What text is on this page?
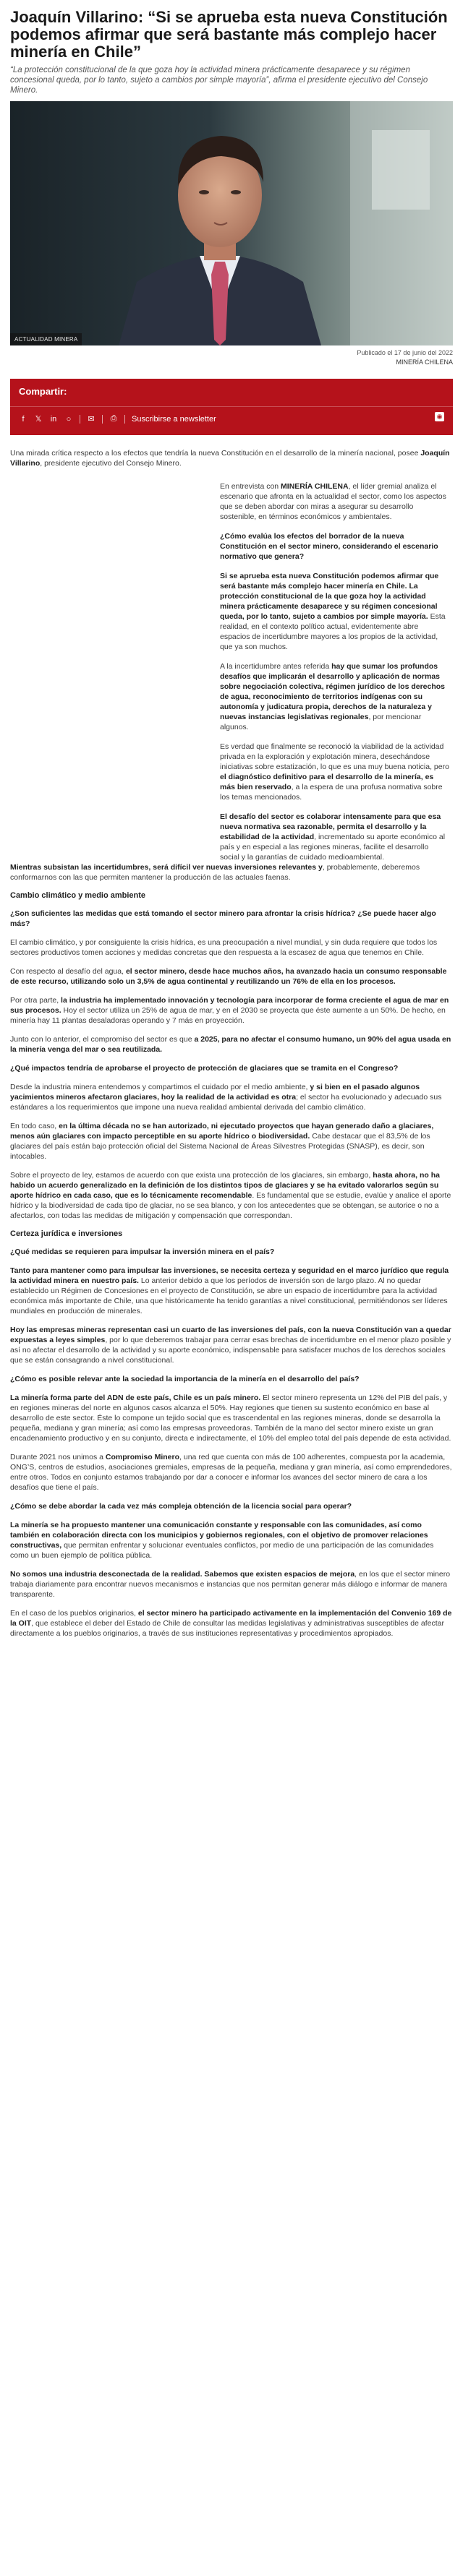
Joaquín Villarino: “Si se aprueba esta nueva Constitución podemos afirmar que será bastante más complejo hacer minería en Chile”
“La protección constitucional de la que goza hoy la actividad minera prácticamente desaparece y su régimen concesional queda, por lo tanto, sujeto a cambios por simple mayoría”, afirma el presidente ejecutivo del Consejo Minero.
ACTUALIDAD MINERA
Publicado el 17 de junio del 2022
MINERÍA CHILENA
Compartir:
f	𝕏 in ○ ✉ ⎙ Suscribirse a newsletter	◉

Una mirada crítica respecto a los efectos que tendría la nueva Constitución en el desarrollo de la minería nacional, posee Joaquín Villarino, presidente ejecutivo del Consejo Minero.

En entrevista con MINERÍA CHILENA, el líder gremial analiza el escenario que afronta en la actualidad el sector, como los aspectos que se deben abordar con miras a asegurar su desarrollo sostenible, en términos económicos y ambientales.

¿Cómo evalúa los efectos del borrador de la nueva Constitución en el sector minero, considerando el escenario normativo que genera?

Si se aprueba esta nueva Constitución podemos afirmar que será bastante más complejo hacer minería en Chile. La protección constitucional de la que goza hoy la actividad minera prácticamente desaparece y su régimen concesional queda, por lo tanto, sujeto a cambios por simple mayoría. Esta realidad, en el contexto político actual, evidentemente abre espacios de incertidumbre mayores a los propios de la actividad, que ya son muchos.

A la incertidumbre antes referida hay que sumar los profundos desafíos que implicarán el desarrollo y aplicación de normas sobre negociación colectiva, régimen jurídico de los derechos de agua, reconocimiento de territorios indígenas con su autonomía y judicatura propia, derechos de la naturaleza y nuevas instancias legislativas regionales, por mencionar algunos.

Es verdad que finalmente se reconoció la viabilidad de la actividad privada en la exploración y explotación minera, desechándose iniciativas sobre estatización, lo que es una muy buena noticia, pero el diagnóstico definitivo para el desarrollo de la minería, es más bien reservado, a la espera de una profusa normativa sobre los temas mencionados.

El desafío del sector es colaborar intensamente para que esa nueva normativa sea razonable, permita el desarrollo y la estabilidad de la actividad, incrementado su aporte económico al país y en especial a las regiones mineras, facilite el desarrollo social y la garantías de cuidado medioambiental.

Mientras subsistan las incertidumbres, será difícil ver nuevas inversiones relevantes y, probablemente, deberemos conformarnos con las que permiten mantener la producción de las actuales faenas.

Cambio climático y medio ambiente

¿Son suficientes las medidas que está tomando el sector minero para afrontar la crisis hídrica? ¿Se puede hacer algo más?

El cambio climático, y por consiguiente la crisis hídrica, es una preocupación a nivel mundial, y sin duda requiere que todos los sectores productivos tomen acciones y medidas concretas que den respuesta a la escasez de agua que tenemos en Chile.

Con respecto al desafío del agua, el sector minero, desde hace muchos años, ha avanzado hacia un consumo responsable de este recurso, utilizando solo un 3,5% de agua continental y reutilizando un 76% de ella en los procesos.

Por otra parte, la industria ha implementado innovación y tecnología para incorporar de forma creciente el agua de mar en sus procesos. Hoy el sector utiliza un 25% de agua de mar, y en el 2030 se proyecta que éste aumente a un 50%. De hecho, en minería hay 11 plantas desaladoras operando y 7 más en proyección.

Junto con lo anterior, el compromiso del sector es que a 2025, para no afectar el consumo humano, un 90% del agua usada en la minería venga del mar o sea reutilizada.

¿Qué impactos tendría de aprobarse el proyecto de protección de glaciares que se tramita en el Congreso?

Desde la industria minera entendemos y compartimos el cuidado por el medio ambiente, y si bien en el pasado algunos yacimientos mineros afectaron glaciares, hoy la realidad de la actividad es otra; el sector ha evolucionado y adecuado sus estándares a los requerimientos que impone una nueva realidad ambiental derivada del cambio climático.

En todo caso, en la última década no se han autorizado, ni ejecutado proyectos que hayan generado daño a glaciares, menos aún glaciares con impacto perceptible en su aporte hídrico o biodiversidad. Cabe destacar que el 83,5% de los glaciares del país están bajo protección oficial del Sistema Nacional de Áreas Silvestres Protegidas (SNASP), es decir, son intocables.

Sobre el proyecto de ley, estamos de acuerdo con que exista una protección de los glaciares, sin embargo, hasta ahora, no ha habido un acuerdo generalizado en la definición de los distintos tipos de glaciares y se ha evitado valorarlos según su aporte hídrico en cada caso, que es lo técnicamente recomendable. Es fundamental que se estudie, evalúe y analice el aporte hídrico y la biodiversidad de cada tipo de glaciar, no se sea blanco, y con los antecedentes que se obtengan, se autorice o no a afectarlos, con todas las medidas de mitigación y compensación que correspondan.

Certeza jurídica e inversiones

¿Qué medidas se requieren para impulsar la inversión minera en el país?

Tanto para mantener como para impulsar las inversiones, se necesita certeza y seguridad en el marco jurídico que regula la actividad minera en nuestro país. Lo anterior debido a que los períodos de inversión son de largo plazo. Al no quedar establecido un Régimen de Concesiones en el proyecto de Constitución, se abre un espacio de incertidumbre para la actividad económica más importante de Chile, una que históricamente ha tenido garantías a nivel constitucional, permitiéndonos ser líderes mundiales en producción de minerales.

Hoy las empresas mineras representan casi un cuarto de las inversiones del país, con la nueva Constitución van a quedar expuestas a leyes simples, por lo que deberemos trabajar para cerrar esas brechas de incertidumbre en el menor plazo posible y así no afectar el desarrollo de la actividad y su aporte económico, indispensable para satisfacer muchos de los derechos sociales que se están consagrando a nivel constitucional.

¿Cómo es posible relevar ante la sociedad la importancia de la minería en el desarrollo del país?

La minería forma parte del ADN de este país, Chile es un país minero. El sector minero representa un 12% del PIB del país, y en regiones mineras del norte en algunos casos alcanza el 50%. Hay regiones que tienen su sustento económico en base al desarrollo de este sector. Éste lo compone un tejido social que es trascendental en las regiones mineras, donde se desarrolla la pequeña, mediana y gran minería; así como las empresas proveedoras. También de la mano del sector minero existe un gran encadenamiento productivo y en su conjunto, directa e indirectamente, el 10% del empleo total del país depende de esta actividad.

Durante 2021 nos unimos a Compromiso Minero, una red que cuenta con más de 100 adherentes, compuesta por la academia, ONG’S, centros de estudios, asociaciones gremiales, empresas de la pequeña, mediana y gran minería, así como emprendedores, entre otros. Todos en conjunto estamos trabajando por dar a conocer e informar los avances del sector minero de cara a los desafíos que tiene el país.

¿Cómo se debe abordar la cada vez más compleja obtención de la licencia social para operar?

La minería se ha propuesto mantener una comunicación constante y responsable con las comunidades, así como también en colaboración directa con los municipios y gobiernos regionales, con el objetivo de promover relaciones constructivas, que permitan enfrentar y solucionar eventuales conflictos, por medio de una participación de las comunidades como un buen ejemplo de política pública.

No somos una industria desconectada de la realidad. Sabemos que existen espacios de mejora, en los que el sector minero trabaja diariamente para encontrar nuevos mecanismos e instancias que nos permitan generar más diálogo e informar de manera transparente.

En el caso de los pueblos originarios, el sector minero ha participado activamente en la implementación del Convenio 169 de la OIT, que establece el deber del Estado de Chile de consultar las medidas legislativas y administrativas susceptibles de afectar directamente a los pueblos originarios, a través de sus instituciones representativas y procedimientos apropiados.
